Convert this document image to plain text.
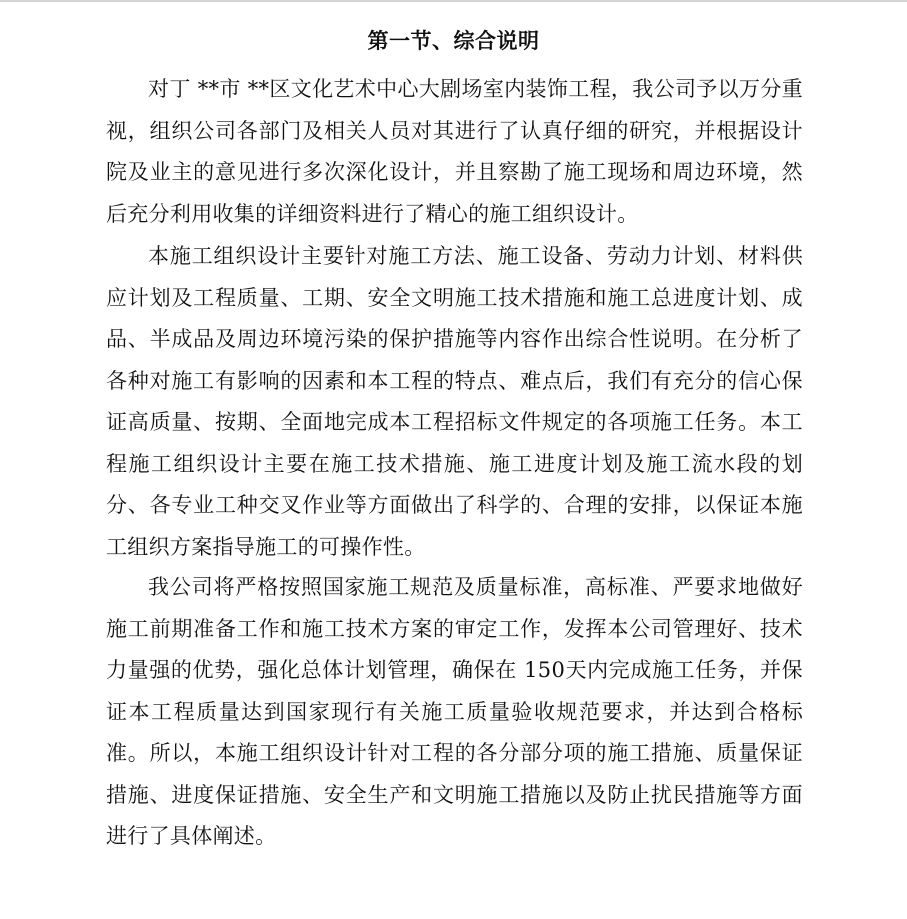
第一节、综合说明

对丁 **市 **区文化艺术中心大剧场室内装饰工程，我公司予以万分重视，组织公司各部门及相关人员对其进行了认真仔细的研究，并根据设计院及业主的意见进行多次深化设计，并且察勘了施工现场和周边环境，然后充分利用收集的详细资料进行了精心的施工组织设计。

本施工组织设计主要针对施工方法、施工设备、劳动力计划、材料供应计划及工程质量、工期、安全文明施工技术措施和施工总进度计划、成品、半成品及周边环境污染的保护措施等内容作出综合性说明。在分析了各种对施工有影响的因素和本工程的特点、难点后，我们有充分的信心保证高质量、按期、全面地完成本工程招标文件规定的各项施工任务。本工程施工组织设计主要在施工技术措施、施工进度计划及施工流水段的划分、各专业工种交叉作业等方面做出了科学的、合理的安排，以保证本施工组织方案指导施工的可操作性。

我公司将严格按照国家施工规范及质量标准，高标准、严要求地做好施工前期准备工作和施工技术方案的审定工作，发挥本公司管理好、技术力量强的优势，强化总体计划管理，确保在 150天内完成施工任务，并保证本工程质量达到国家现行有关施工质量验收规范要求，并达到合格标准。所以，本施工组织设计针对工程的各分部分项的施工措施、质量保证措施、进度保证措施、安全生产和文明施工措施以及防止扰民措施等方面进行了具体阐述。
